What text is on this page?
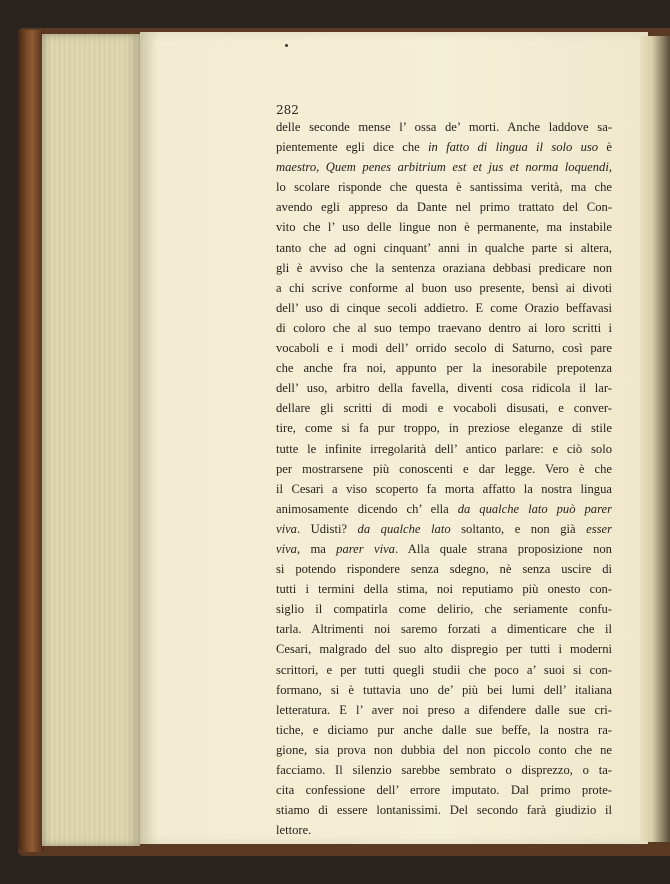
282
delle seconde mense l’ ossa de’ morti. Anche laddove sa-
pientemente egli dice che in fatto di lingua il solo uso è
maestro, Quem penes arbitrium est et jus et norma loquendi,
lo scolare risponde che questa è santissima verità, ma che
avendo egli appreso da Dante nel primo trattato del Con-
vito che l’ uso delle lingue non è permanente, ma instabile
tanto che ad ogni cinquant’ anni in qualche parte si altera,
gli è avviso che la sentenza oraziana debbasi predicare non
a chi scrive conforme al buon uso presente, bensì ai divoti
dell’ uso di cinque secoli addietro. E come Orazio beffavasi
di coloro che al suo tempo traevano dentro ai loro scritti i
vocaboli e i modi dell’ orrido secolo di Saturno, così pare
che anche fra noi, appunto per la inesorabile prepotenza
dell’ uso, arbitro della favella, diventi cosa ridicola il lar-
dellare gli scritti di modi e vocaboli disusati, e conver-
tire, come si fa pur troppo, in preziose eleganze di stile
tutte le infinite irregolarità dell’ antico parlare: e ciò solo
per mostrarsene più conoscenti e dar legge. Vero è che
il Cesari a viso scoperto fa morta affatto la nostra lingua
animosamente dicendo ch’ ella da qualche lato può parer
viva. Udisti? da qualche lato soltanto, e non già esser
viva, ma parer viva. Alla quale strana proposizione non
si potendo rispondere senza sdegno, nè senza uscire di
tutti i termini della stima, noi reputiamo più onesto con-
siglio il compatirla come delirio, che seriamente confu-
tarla. Altrimenti noi saremo forzati a dimenticare che il
Cesari, malgrado del suo alto dispregio per tutti i moderni
scrittori, e per tutti quegli studii che poco a’ suoi si con-
formano, si è tuttavia uno de’ più bei lumi dell’ italiana
letteratura. E l’ aver noi preso a difendere dalle sue cri-
tiche, e diciamo pur anche dalle sue beffe, la nostra ra-
gione, sia prova non dubbia del non piccolo conto che ne
facciamo. Il silenzio sarebbe sembrato o disprezzo, o ta-
cita confessione dell’ errore imputato. Dal primo prote-
stiamo di essere lontanissimi. Del secondo farà giudizio il
lettore.
